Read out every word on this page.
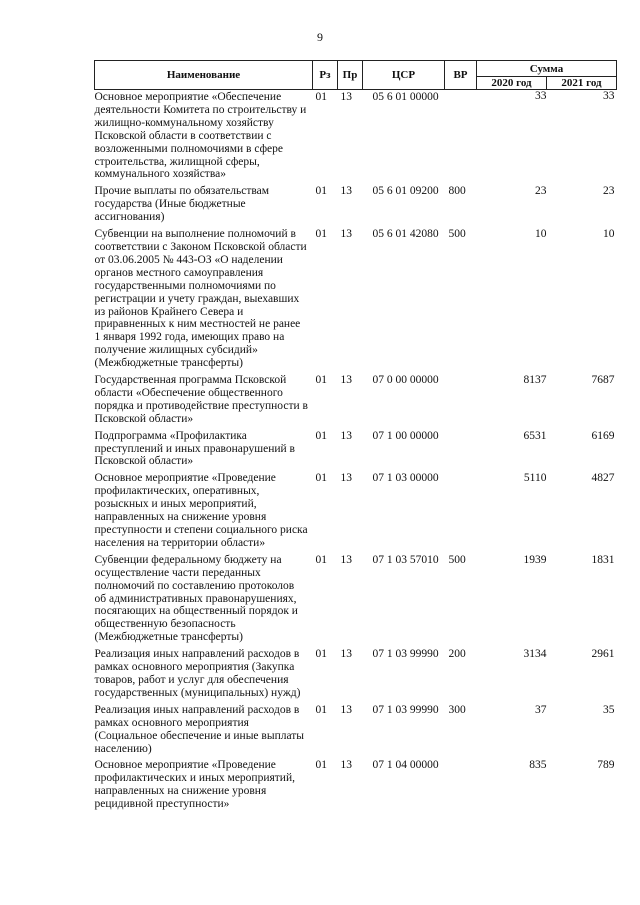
9
Наименование	Рз	Пр	ЦСР	ВР	Сумма	
					2020 год	2021 год
Основное мероприятие «Обеспечение деятельности Комитета по строительству и жилищно-коммунальному хозяйству Псковской области в соответствии с возложенными полномочиями в сфере строительства, жилищной сферы, коммунального хозяйства»	01	13	05 6 01 00000		33	33
Прочие выплаты по обязательствам государства (Иные бюджетные ассигнования)	01	13	05 6 01 09200	800	23	23
Субвенции на выполнение полномочий в соответствии с Законом Псковской области от 03.06.2005 № 443-ОЗ «О наделении органов местного самоуправления государственными полномочиями по регистрации и учету граждан, выехавших из районов Крайнего Севера и приравненных к ним местностей не ранее 1 января 1992 года, имеющих право на получение жилищных субсидий» (Межбюджетные трансферты)	01	13	05 6 01 42080	500	10	10
Государственная программа Псковской области «Обеспечение общественного порядка и противодействие преступности в Псковской области»	01	13	07 0 00 00000		8137	7687
Подпрограмма «Профилактика преступлений и иных правонарушений в Псковской области»	01	13	07 1 00 00000		6531	6169
Основное мероприятие «Проведение профилактических, оперативных, розыскных и иных мероприятий, направленных на снижение уровня преступности и степени социального риска населения на территории области»	01	13	07 1 03 00000		5110	4827
Субвенции федеральному бюджету на осуществление части переданных полномочий по составлению протоколов об административных правонарушениях, посягающих на общественный порядок и общественную безопасность (Межбюджетные трансферты)	01	13	07 1 03 57010	500	1939	1831
Реализация иных направлений расходов в рамках основного мероприятия (Закупка товаров, работ и услуг для обеспечения государственных (муниципальных) нужд)	01	13	07 1 03 99990	200	3134	2961
Реализация иных направлений расходов в рамках основного мероприятия (Социальное обеспечение и иные выплаты населению)	01	13	07 1 03 99990	300	37	35
Основное мероприятие «Проведение профилактических и иных мероприятий, направленных на снижение уровня рецидивной преступности»	01	13	07 1 04 00000		835	789
